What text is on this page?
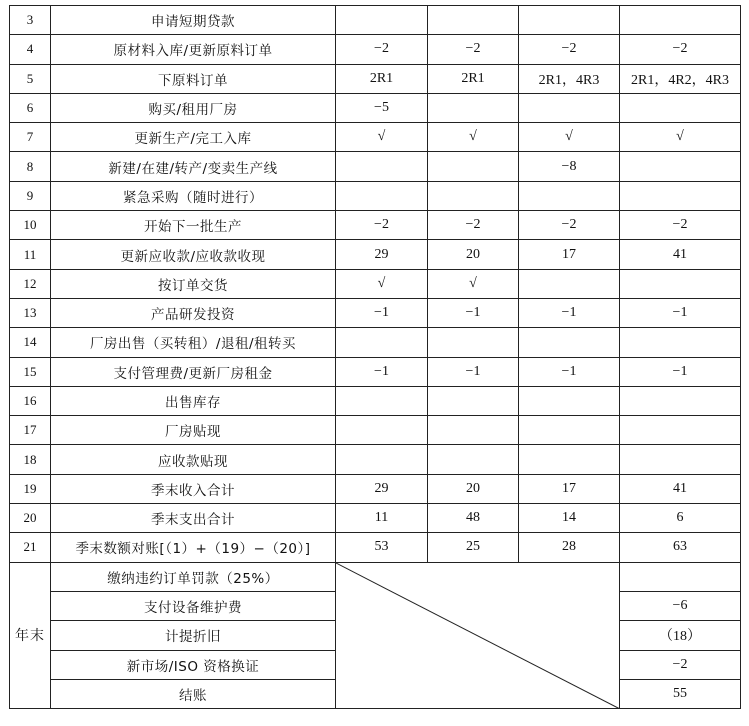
3	申请短期贷款				
4	原材料入库/更新原料订单	−2	−2	−2	−2
5	下原料订单	2R1	2R1	2R1，4R3	2R1，4R2，4R3
6	购买/租用厂房	−5			
7	更新生产/完工入库	√	√	√	√
8	新建/在建/转产/变卖生产线			−8	
9	紧急采购（随时进行）				
10	开始下一批生产	−2	−2	−2	−2
11	更新应收款/应收款收现	29	20	17	41
12	按订单交货	√	√		
13	产品研发投资	−1	−1	−1	−1
14	厂房出售（买转租）/退租/租转买				
15	支付管理费/更新厂房租金	−1	−1	−1	−1
16	出售库存				
17	厂房贴现				
18	应收款贴现				
19	季末收入合计	29	20	17	41
20	季末支出合计	11	48	14	6
21	季末数额对账[（1）+（19）−（20）]	53	25	28	63
年末	缴纳违约订单罚款（25%）	

	支付设备维护费				−6
	计提折旧				（18）
	新市场/ISO 资格换证				−2
	结账				55
